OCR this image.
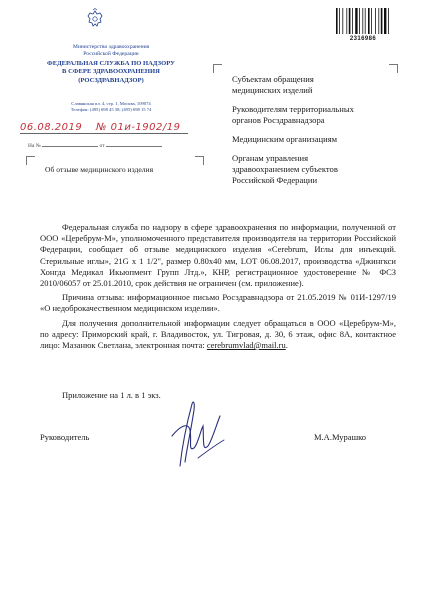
Министерство здравоохранения
Российской Федерации
ФЕДЕРАЛЬНАЯ СЛУЖБА ПО НАДЗОРУ
В СФЕРЕ ЗДРАВООХРАНЕНИЯ
(РОСЗДРАВНАДЗОР)
Славянская пл. 4, стр. 1, Москва, 109074
Телефон: (495) 698 45 38; (495) 698 15 74
06.08.2019 № 01и-1902/19
На №	от
Об отзыве медицинского изделия
2316986
Субъектам обращения
медицинских изделий
Руководителям территориальных
органов Росздравнадзора
Медицинским организациям
Органам управления
здравоохранением субъектов
Российской Федерации

Федеральная служба по надзору в сфере здравоохранения по информации, полученной от ООО «Церебрум-М», уполномоченного представителя производителя на территории Российской Федерации, сообщает об отзыве медицинского изделия «Cerebrum, Иглы для инъекций. Стерильные иглы», 21G x 1 1/2", размер 0.80x40 мм, LOT 06.08.2017, производства «Джингкси Хонгда Медикал Икьюпмент Групп Лтд.», КНР, регистрационное удостоверение № ФСЗ 2010/06057 от 25.01.2010, срок действия не ограничен (см. приложение).

Причина отзыва: информационное письмо Росздравнадзора от 21.05.2019 № 01И-1297/19 «О недоброкачественном медицинском изделии».

Для получения дополнительной информации следует обращаться в ООО «Церебрум-М», по адресу: Приморский край, г. Владивосток, ул. Тигровая, д. 30, 6 этаж, офис 8А, контактное лицо: Мазанюк Светлана, электронная почта: cerebrumvlad@mail.ru.

Приложение на 1 л. в 1 экз.
Руководитель	М.А.Мурашко
